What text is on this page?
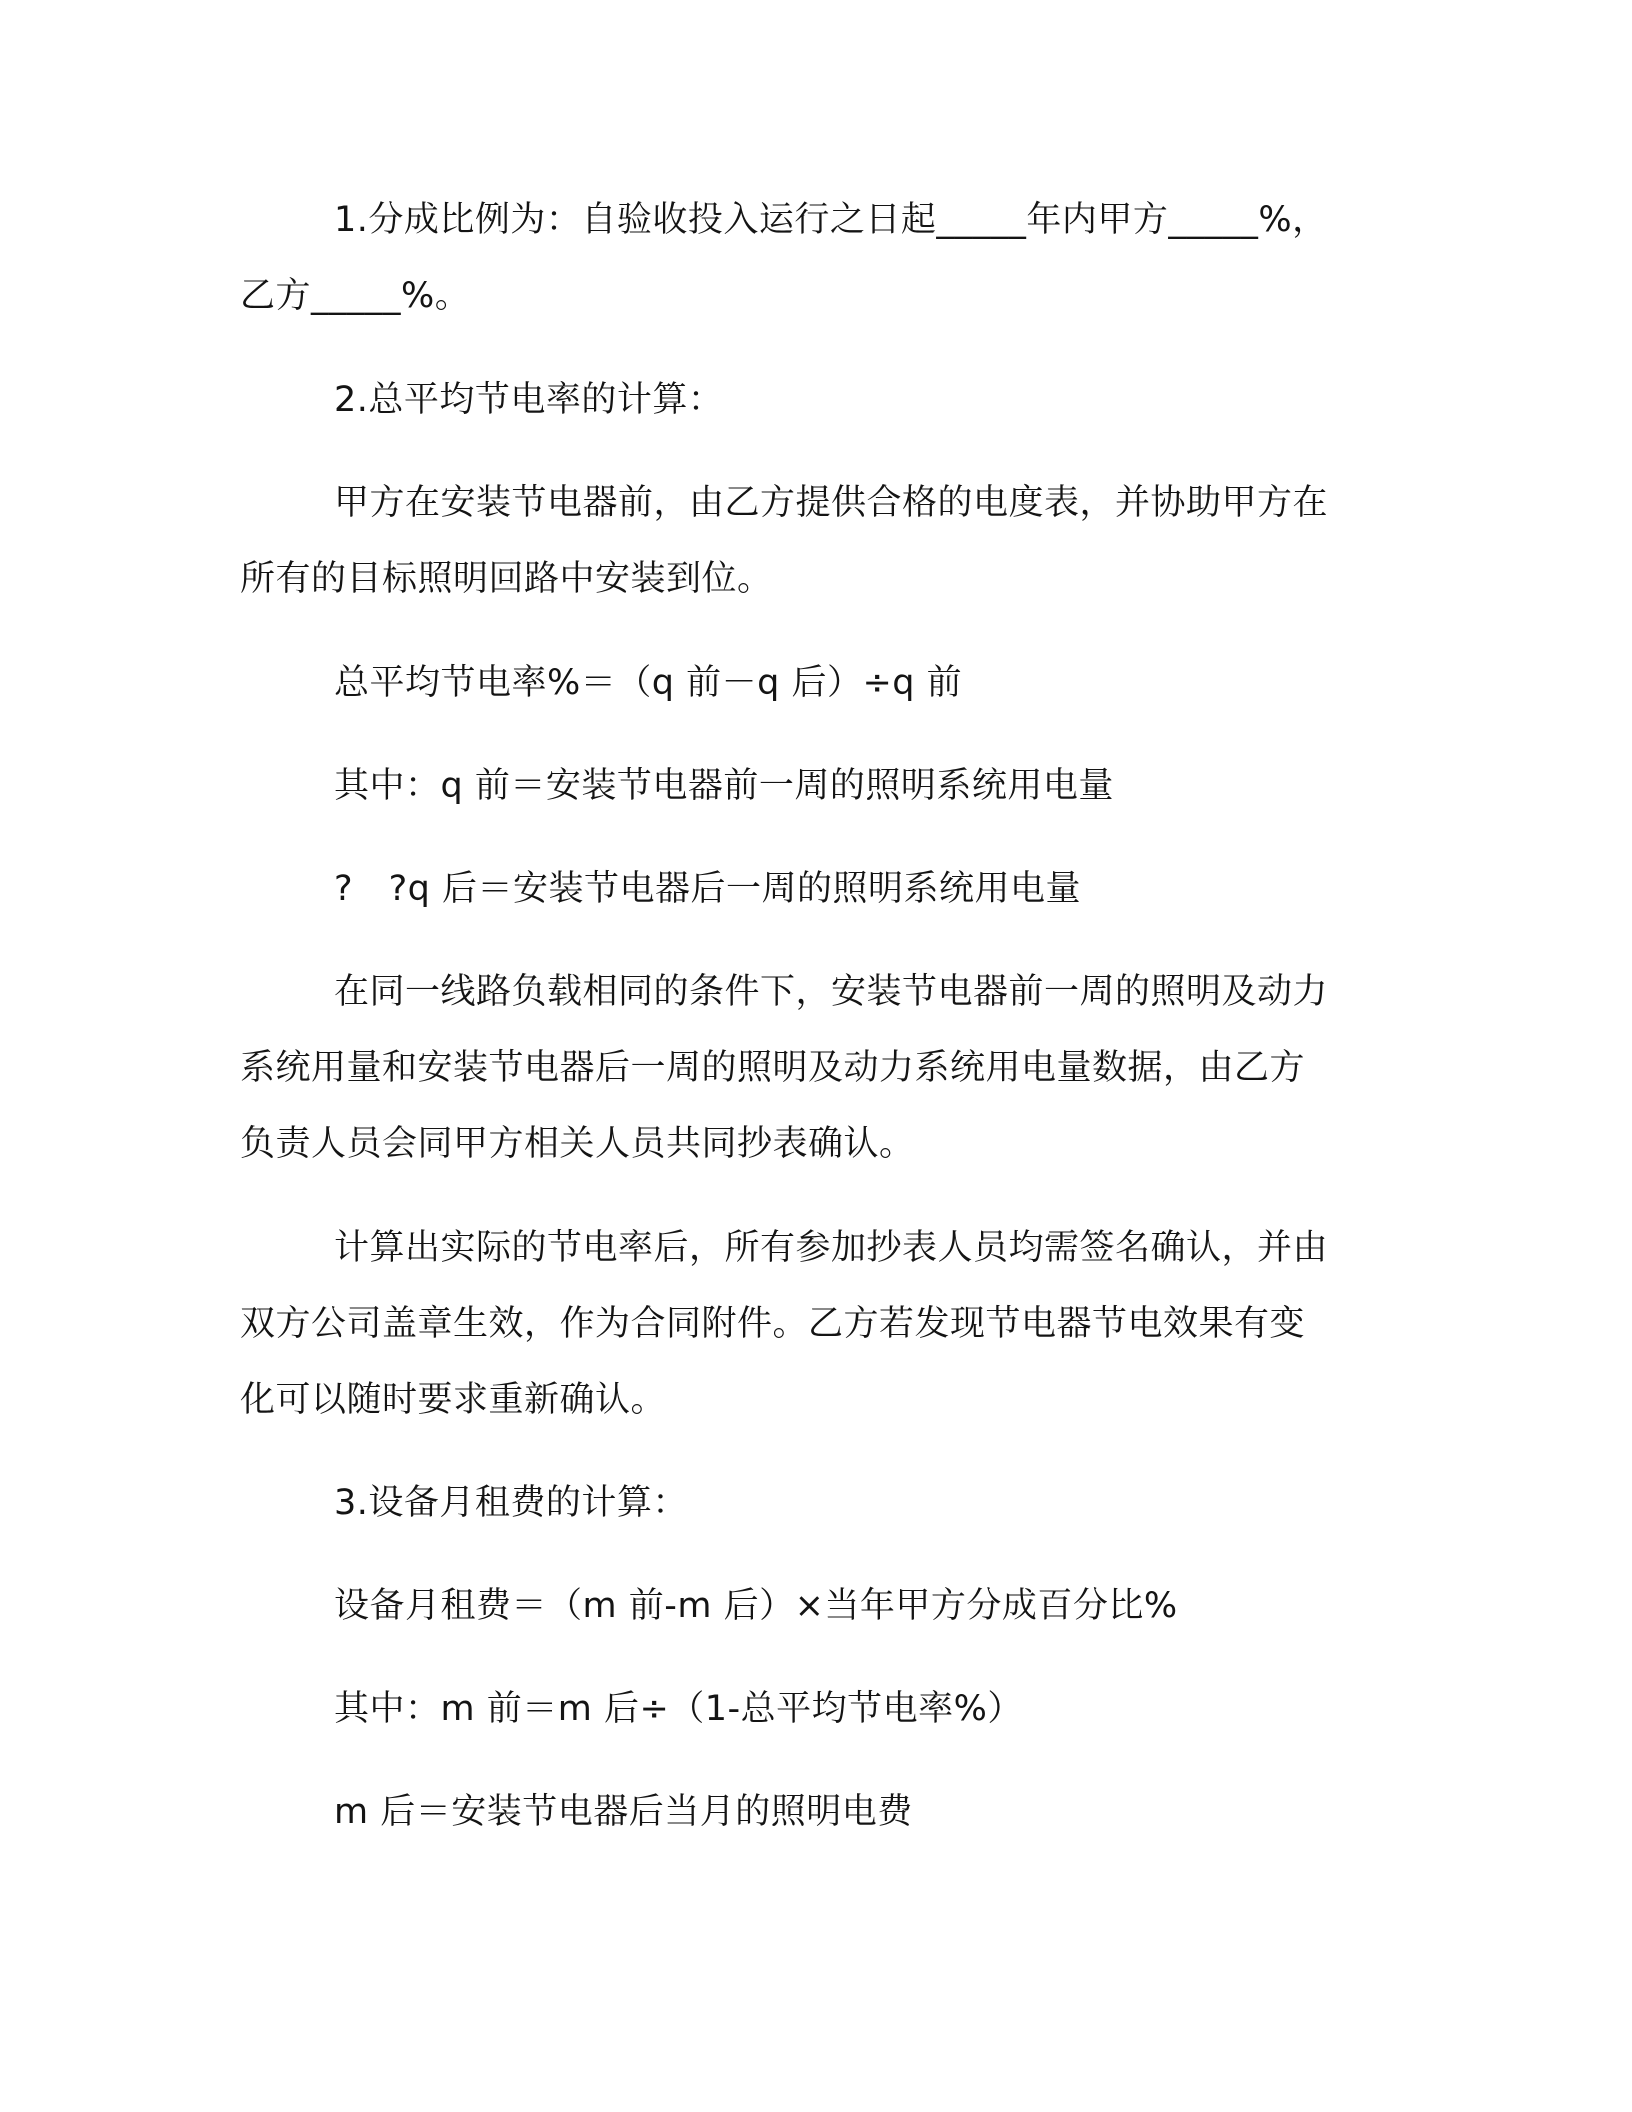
1.分成比例为：自验收投入运行之日起_____年内甲方_____%，
乙方_____%。
2.总平均节电率的计算：
甲方在安装节电器前，由乙方提供合格的电度表，并协助甲方在
所有的目标照明回路中安装到位。
总平均节电率%＝（q 前－q 后）÷q 前
其中：q 前＝安装节电器前一周的照明系统用电量
?　?q 后＝安装节电器后一周的照明系统用电量
在同一线路负载相同的条件下，安装节电器前一周的照明及动力
系统用量和安装节电器后一周的照明及动力系统用电量数据，由乙方
负责人员会同甲方相关人员共同抄表确认。
计算出实际的节电率后，所有参加抄表人员均需签名确认，并由
双方公司盖章生效，作为合同附件。乙方若发现节电器节电效果有变
化可以随时要求重新确认。
3.设备月租费的计算：
设备月租费＝（m 前-m 后）×当年甲方分成百分比%
其中：m 前＝m 后÷（1-总平均节电率%）
m 后＝安装节电器后当月的照明电费
